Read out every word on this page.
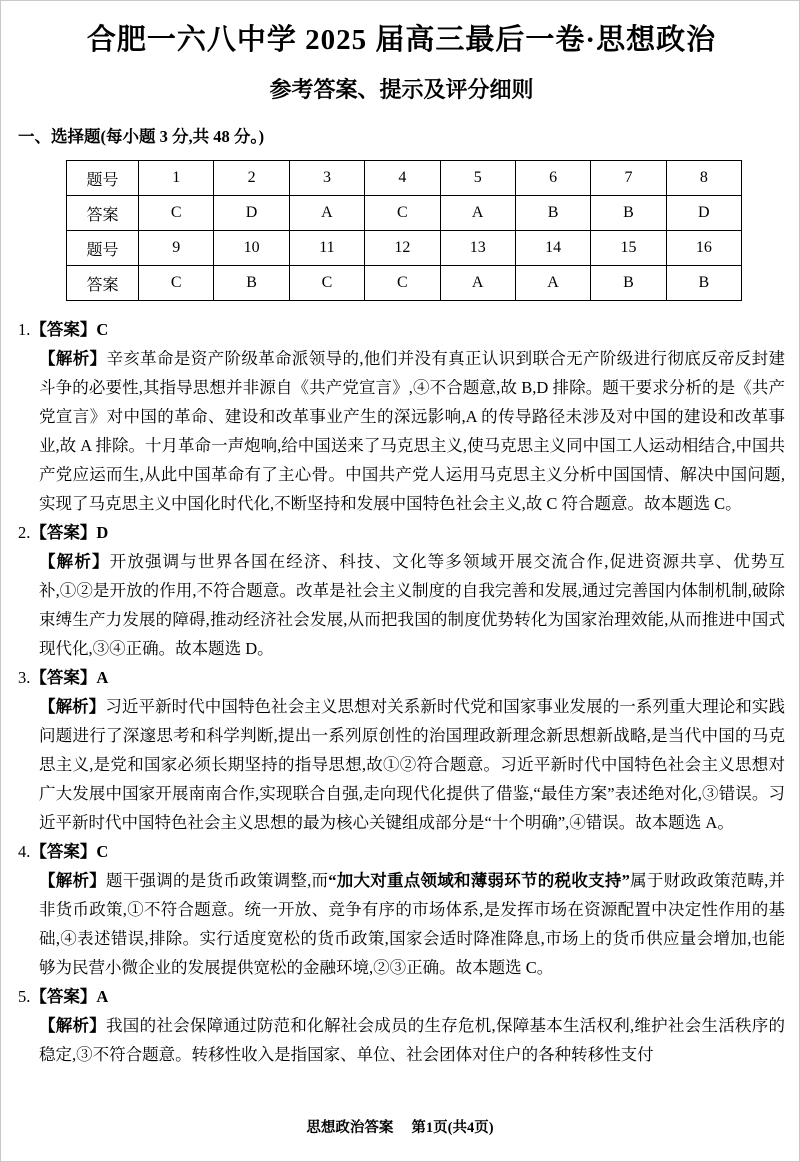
合肥一六八中学 2025 届高三最后一卷·思想政治
参考答案、提示及评分细则
一、选择题(每小题 3 分,共 48 分。)
题号	1	2	3	4	5	6	7	8
答案	C	D	A	C	A	B	B	D
题号	9	10	11	12	13	14	15	16
答案	C	B	C	C	A	A	B	B
1.【答案】C
【解析】辛亥革命是资产阶级革命派领导的,他们并没有真正认识到联合无产阶级进行彻底反帝反封建斗争的必要性,其指导思想并非源自《共产党宣言》,④不合题意,故 B,D 排除。题干要求分析的是《共产党宣言》对中国的革命、建设和改革事业产生的深远影响,A 的传导路径未涉及对中国的建设和改革事业,故 A 排除。十月革命一声炮响,给中国送来了马克思主义,使马克思主义同中国工人运动相结合,中国共产党应运而生,从此中国革命有了主心骨。中国共产党人运用马克思主义分析中国国情、解决中国问题,实现了马克思主义中国化时代化,不断坚持和发展中国特色社会主义,故 C 符合题意。故本题选 C。
2.【答案】D
【解析】开放强调与世界各国在经济、科技、文化等多领域开展交流合作,促进资源共享、优势互补,①②是开放的作用,不符合题意。改革是社会主义制度的自我完善和发展,通过完善国内体制机制,破除束缚生产力发展的障碍,推动经济社会发展,从而把我国的制度优势转化为国家治理效能,从而推进中国式现代化,③④正确。故本题选 D。
3.【答案】A
【解析】习近平新时代中国特色社会主义思想对关系新时代党和国家事业发展的一系列重大理论和实践问题进行了深邃思考和科学判断,提出一系列原创性的治国理政新理念新思想新战略,是当代中国的马克思主义,是党和国家必须长期坚持的指导思想,故①②符合题意。习近平新时代中国特色社会主义思想对广大发展中国家开展南南合作,实现联合自强,走向现代化提供了借鉴,“最佳方案”表述绝对化,③错误。习近平新时代中国特色社会主义思想的最为核心关键组成部分是“十个明确”,④错误。故本题选 A。
4.【答案】C
【解析】题干强调的是货币政策调整,而“加大对重点领域和薄弱环节的税收支持”属于财政政策范畴,并非货币政策,①不符合题意。统一开放、竞争有序的市场体系,是发挥市场在资源配置中决定性作用的基础,④表述错误,排除。实行适度宽松的货币政策,国家会适时降准降息,市场上的货币供应量会增加,也能够为民营小微企业的发展提供宽松的金融环境,②③正确。故本题选 C。
5.【答案】A
【解析】我国的社会保障通过防范和化解社会成员的生存危机,保障基本生活权利,维护社会生活秩序的稳定,③不符合题意。转移性收入是指国家、单位、社会团体对住户的各种转移性支付
思想政治答案 第1页(共4页)
